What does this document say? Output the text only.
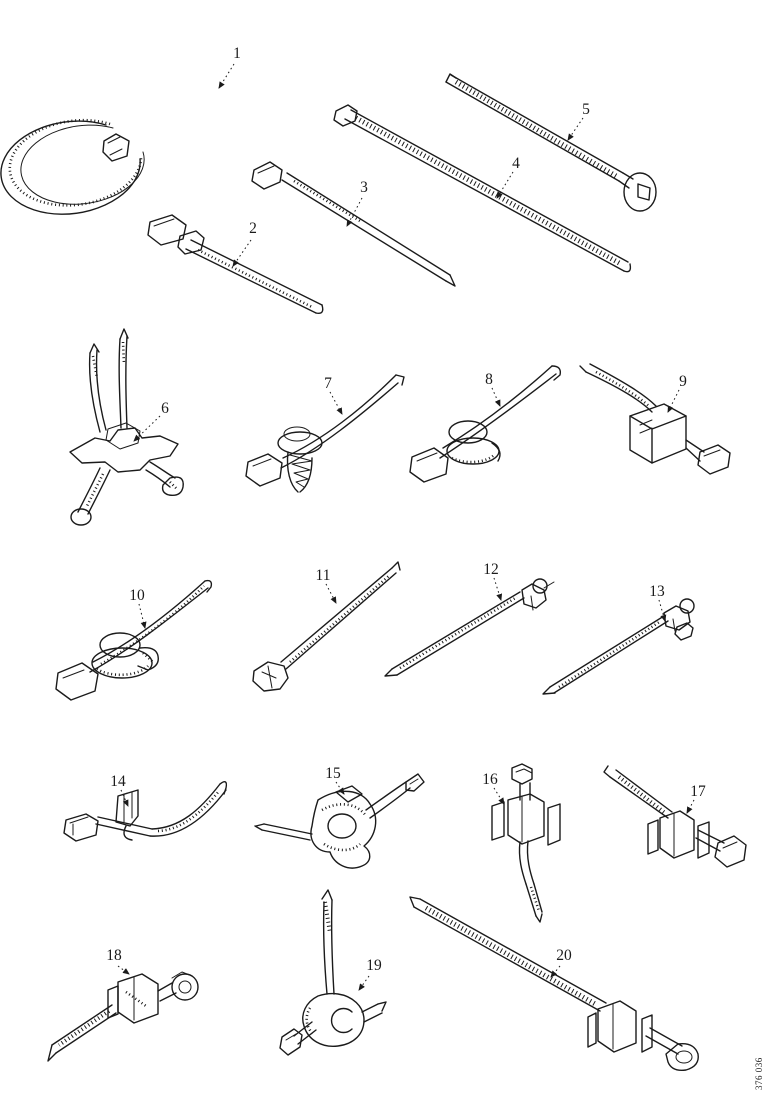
1
2
3
4
5
6
7	8	9
10
11	12
13
14	15	16
17
18
19
20
376 036
